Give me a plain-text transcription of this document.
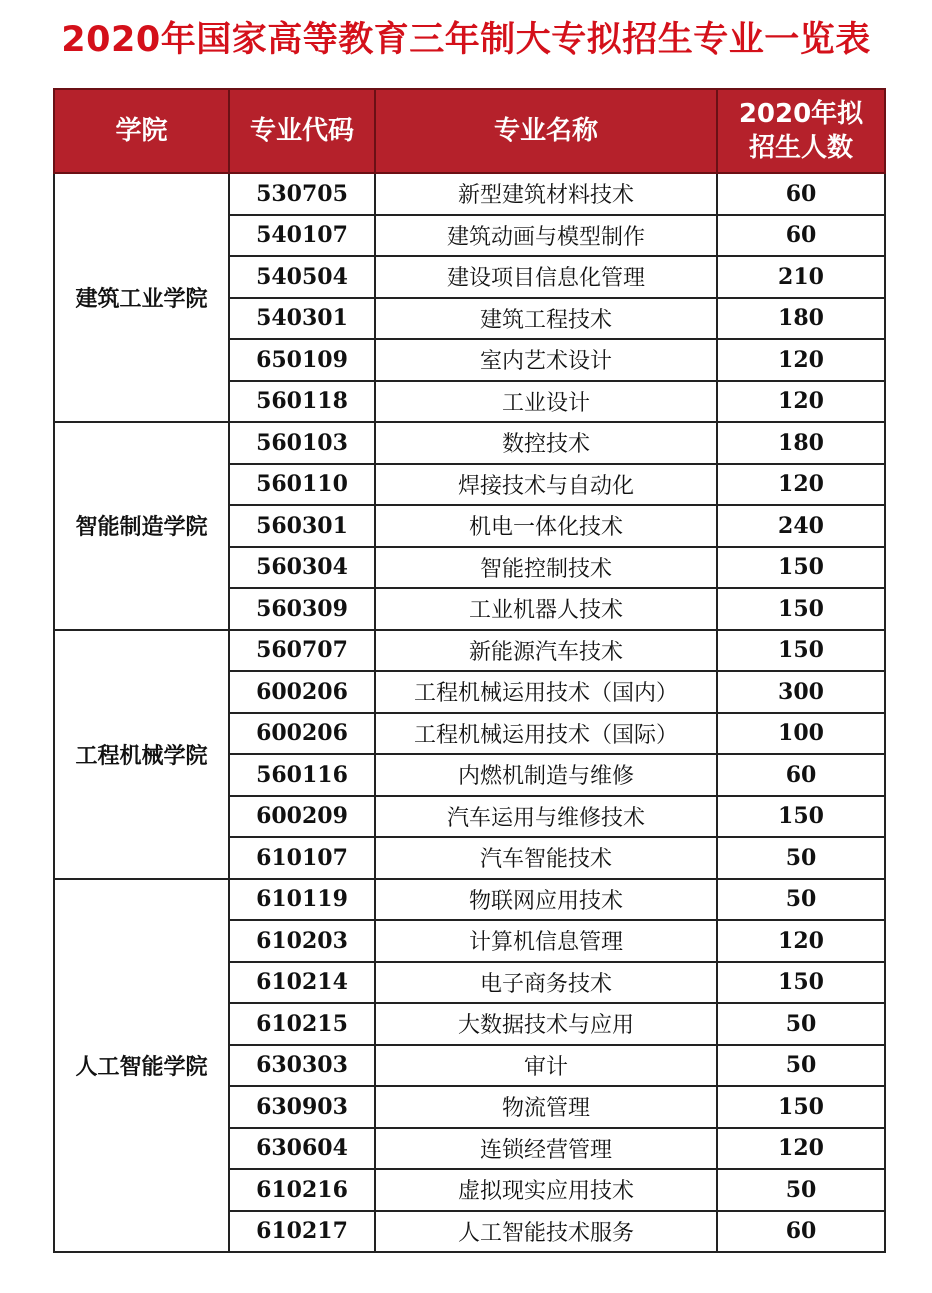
2020年国家高等教育三年制大专拟招生专业一览表
学院	专业代码	专业名称	2020年拟
招生人数

建筑工业学院	530705	新型建筑材料技术	60
	540107	建筑动画与模型制作	60
	540504	建设项目信息化管理	210
	540301	建筑工程技术	180
	650109	室内艺术设计	120
	560118	工业设计	120
智能制造学院	560103	数控技术	180
	560110	焊接技术与自动化	120
	560301	机电一体化技术	240
	560304	智能控制技术	150
	560309	工业机器人技术	150
工程机械学院	560707	新能源汽车技术	150
	600206	工程机械运用技术（国内）	300
	600206	工程机械运用技术（国际）	100
	560116	内燃机制造与维修	60
	600209	汽车运用与维修技术	150
	610107	汽车智能技术	50
人工智能学院	610119	物联网应用技术	50
	610203	计算机信息管理	120
	610214	电子商务技术	150
	610215	大数据技术与应用	50
	630303	审计	50
	630903	物流管理	150
	630604	连锁经营管理	120
	610216	虚拟现实应用技术	50
	610217	人工智能技术服务	60
